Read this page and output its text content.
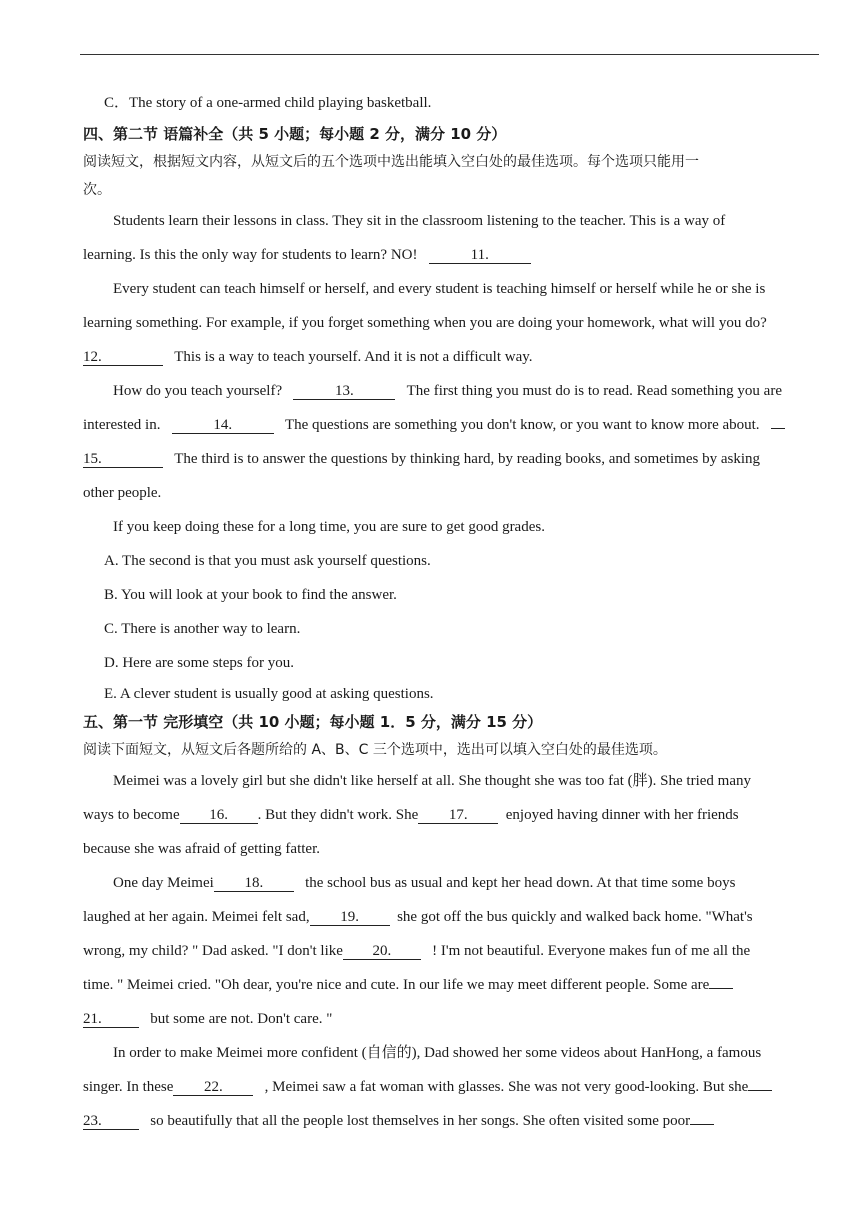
C．The story of a one-armed child playing basketball.
四、第二节 语篇补全（共 5 小题；每小题 2 分，满分 10 分）
阅读短文，根据短文内容，从短文后的五个选项中选出能填入空白处的最佳选项。每个选项只能用一
次。
Students learn their lessons in class. They sit in the classroom listening to the teacher. This is a way of
learning. Is this the only way for students to learn? NO!	11.
Every student can teach himself or herself, and every student is teaching himself or herself while he or she is
learning something. For example, if you forget something when you are doing your homework, what will you do?
12.	This is a way to teach yourself. And it is not a difficult way.
How do you teach yourself?	13.	The first thing you must do is to read. Read something you are
interested in.	14.	The questions are something you don't know, or you want to know more about.
15.	The third is to answer the questions by thinking hard, by reading books, and sometimes by asking
other people.
If you keep doing these for a long time, you are sure to get good grades.
A. The second is that you must ask yourself questions.
B. You will look at your book to find the answer.
C. There is another way to learn.
D. Here are some steps for you.
E. A clever student is usually good at asking questions.
五、第一节 完形填空（共 10 小题；每小题 1．5 分，满分 15 分）
阅读下面短文，从短文后各题所给的 A、B、C 三个选项中，选出可以填入空白处的最佳选项。
Meimei was a lovely girl but she didn't like herself at all. She thought she was too fat (胖). She tried many
ways to become 16. . But they didn't work. She 17.	enjoyed having dinner with her friends
because she was afraid of getting fatter.
One day Meimei 18.	the school bus as usual and kept her head down. At that time some boys
laughed at her again. Meimei felt sad, 19.	she got off the bus quickly and walked back home. "What's
wrong, my child? " Dad asked. "I don't like 20.	! I'm not beautiful. Everyone makes fun of me all the
time. " Meimei cried. "Oh dear, you're nice and cute. In our life we may meet different people. Some are
21.	but some are not. Don't care. "
In order to make Meimei more confident (自信的), Dad showed her some videos about HanHong, a famous
singer. In these 22.	, Meimei saw a fat woman with glasses. She was not very good-looking. But she
23.	so beautifully that all the people lost themselves in her songs. She often visited some poor
